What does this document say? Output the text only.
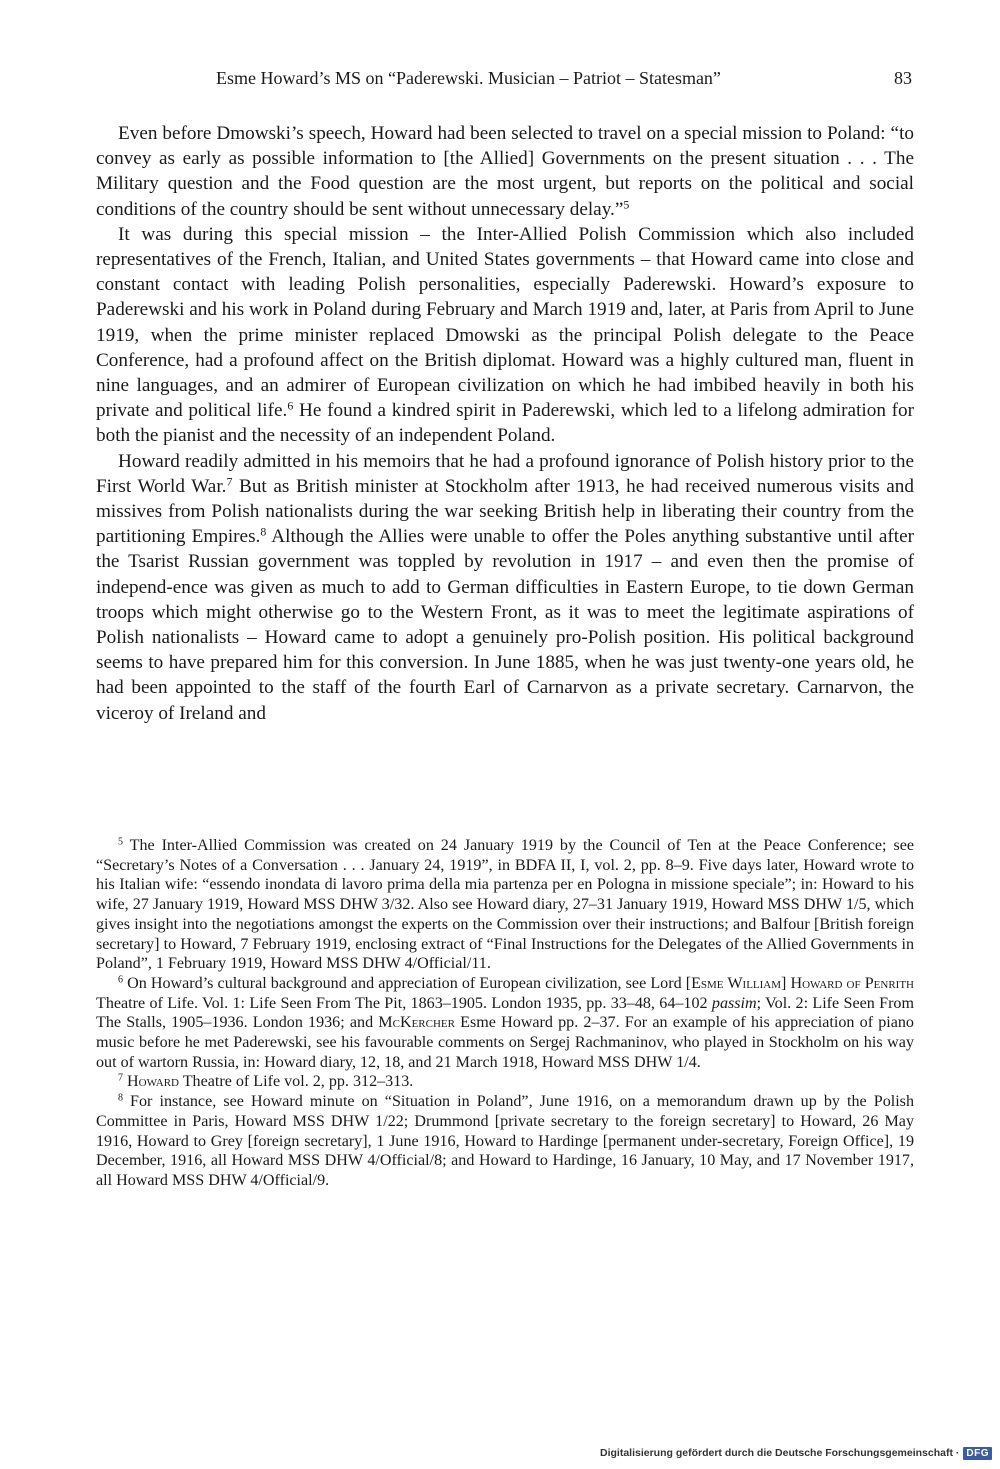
Esme Howard’s MS on “Paderewski. Musician – Patriot – Statesman”	83

Even before Dmowski’s speech, Howard had been selected to travel on a special mission to Poland: “to convey as early as possible information to [the Allied] Governments on the present situation . . . The Military question and the Food question are the most urgent, but reports on the political and social conditions of the country should be sent without unnecessary delay.”$^5$

It was during this special mission – the Inter-Allied Polish Commission which also included representatives of the French, Italian, and United States governments – that Howard came into close and constant contact with leading Polish personalities, especially Paderewski. Howard’s exposure to Paderewski and his work in Poland during February and March 1919 and, later, at Paris from April to June 1919, when the prime minister replaced Dmowski as the principal Polish delegate to the Peace Conference, had a profound affect on the British diplomat. Howard was a highly cultured man, fluent in nine languages, and an admirer of European civilization on which he had imbibed heavily in both his private and political life.$^6$ He found a kindred spirit in Paderewski, which led to a lifelong admiration for both the pianist and the necessity of an independent Poland.

Howard readily admitted in his memoirs that he had a profound ignorance of Polish history prior to the First World War.$^7$ But as British minister at Stockholm after 1913, he had received numerous visits and missives from Polish nationalists during the war seeking British help in liberating their country from the partitioning Empires.$^8$ Although the Allies were unable to offer the Poles anything substantive until after the Tsarist Russian government was toppled by revolution in 1917 – and even then the promise of independ-ence was given as much to add to German difficulties in Eastern Europe, to tie down German troops which might otherwise go to the Western Front, as it was to meet the legitimate aspirations of Polish nationalists – Howard came to adopt a genuinely pro-Polish position. His political background seems to have prepared him for this conversion. In June 1885, when he was just twenty-one years old, he had been appointed to the staff of the fourth Earl of Carnarvon as a private secretary. Carnarvon, the viceroy of Ireland and

$^5$ The Inter-Allied Commission was created on 24 January 1919 by the Council of Ten at the Peace Conference; see “Secretary’s Notes of a Conversation . . . January 24, 1919”, in BDFA II, I, vol. 2, pp. 8–9. Five days later, Howard wrote to his Italian wife: “essendo inondata di lavoro prima della mia partenza per en Pologna in missione speciale”; in: Howard to his wife, 27 January 1919, Howard MSS DHW 3/32. Also see Howard diary, 27–31 January 1919, Howard MSS DHW 1/5, which gives insight into the negotiations amongst the experts on the Commission over their instructions; and Balfour [British foreign secretary] to Howard, 7 February 1919, enclosing extract of “Final Instructions for the Delegates of the Allied Governments in Poland”, 1 February 1919, Howard MSS DHW 4/Official/11.

$^6$ On Howard’s cultural background and appreciation of European civilization, see Lord [Esme William] Howard of Penrith Theatre of Life. Vol. 1: Life Seen From The Pit, 1863–1905. London 1935, pp. 33–48, 64–102 passim; Vol. 2: Life Seen From The Stalls, 1905–1936. London 1936; and McKercher Esme Howard pp. 2–37. For an example of his appreciation of piano music before he met Paderewski, see his favourable comments on Sergej Rachmaninov, who played in Stockholm on his way out of wartorn Russia, in: Howard diary, 12, 18, and 21 March 1918, Howard MSS DHW 1/4.

$^7$ Howard Theatre of Life vol. 2, pp. 312–313.

$^8$ For instance, see Howard minute on “Situation in Poland”, June 1916, on a memorandum drawn up by the Polish Committee in Paris, Howard MSS DHW 1/22; Drummond [private secretary to the foreign secretary] to Howard, 26 May 1916, Howard to Grey [foreign secretary], 1 June 1916, Howard to Hardinge [permanent under-secretary, Foreign Office], 19 December, 1916, all Howard MSS DHW 4/Official/8; and Howard to Hardinge, 16 January, 10 May, and 17 November 1917, all Howard MSS DHW 4/Official/9.

Digitalisierung gefördert durch die Deutsche Forschungsgemeinschaft · DFG
